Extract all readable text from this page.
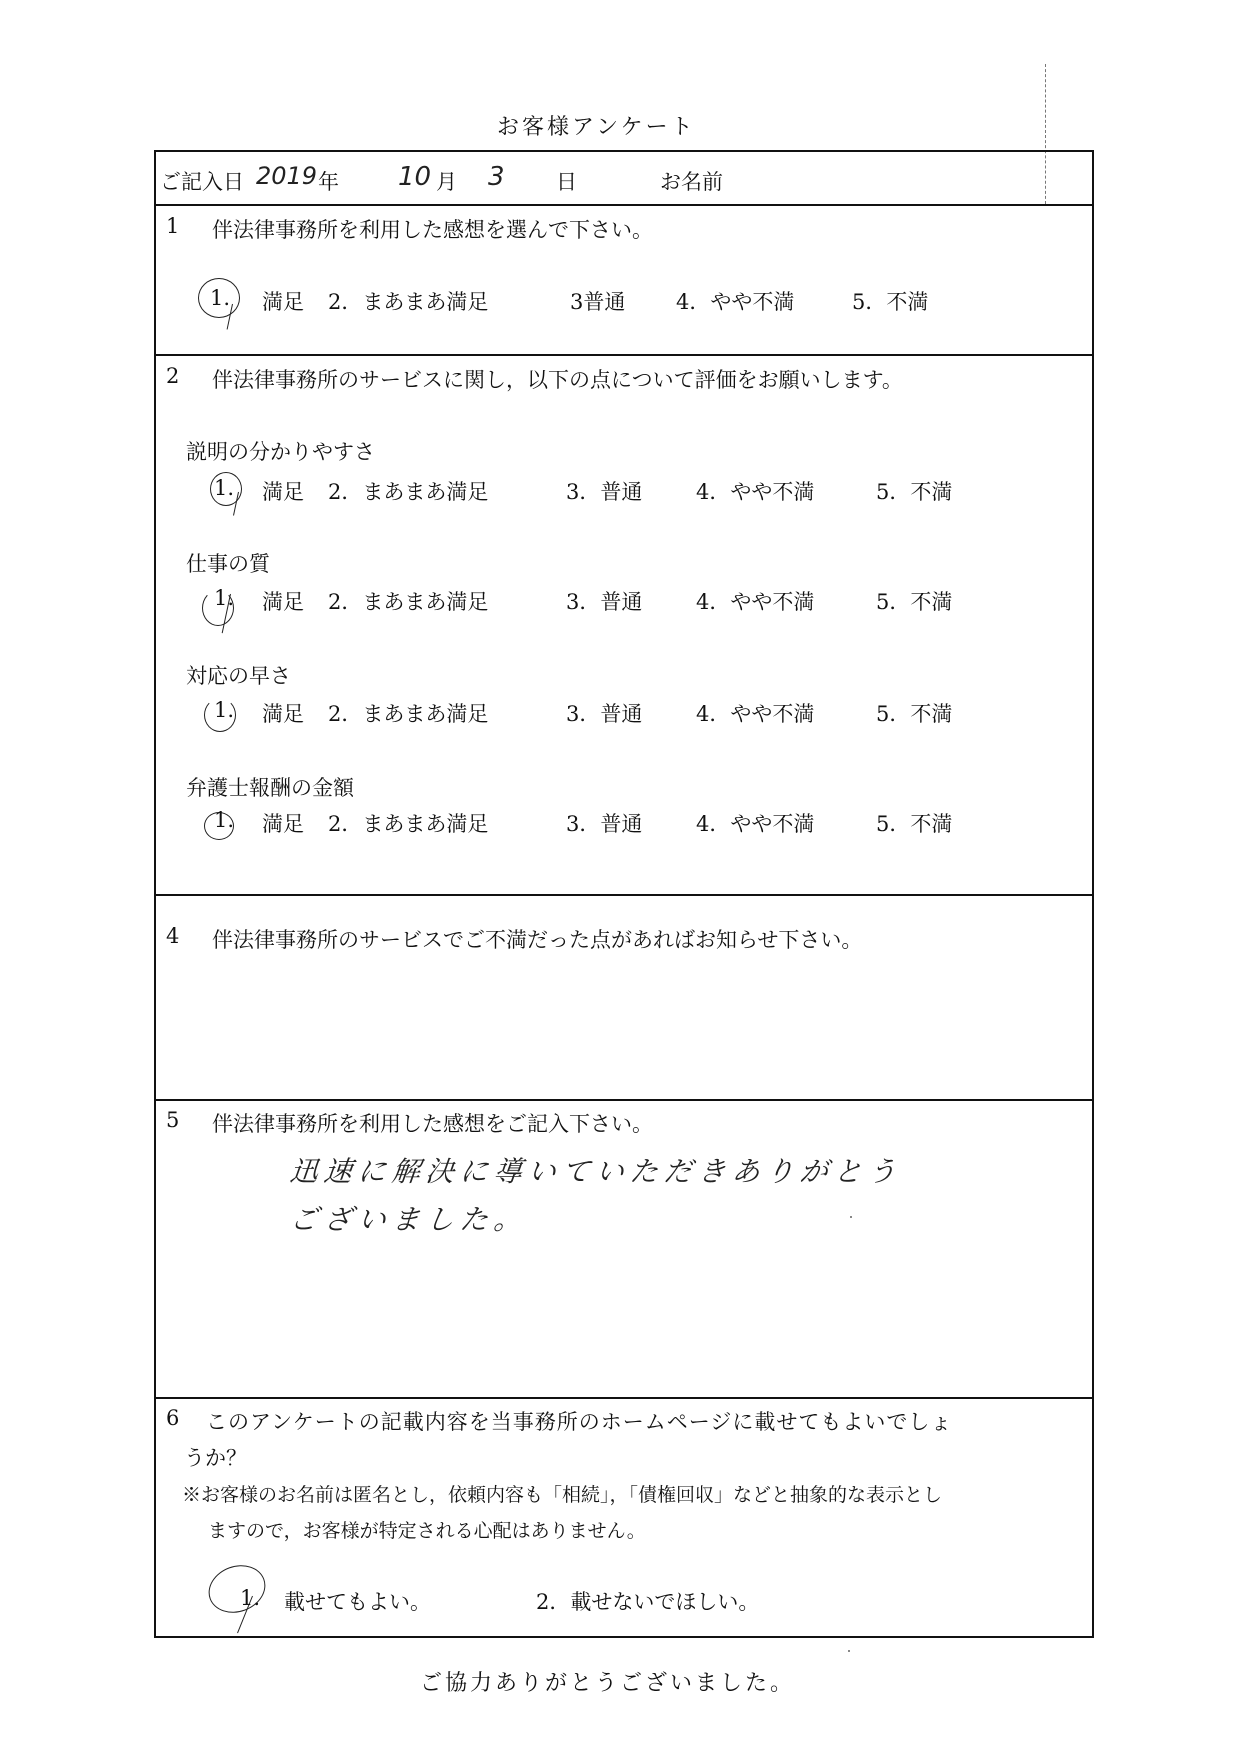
お客様アンケート
ご記入日 2019 年 10 月 3 日	お名前
1 伴法律事務所を利用した感想を選んで下さい。
1. 満足 2．まあまあ満足	3普通 4．やや不満	5．不満
2 伴法律事務所のサービスに関し，以下の点について評価をお願いします。
説明の分かりやすさ
1. 満足 2．まあまあ満足	3．普通	4．やや不満	5．不満
仕事の質
1. 満足 2．まあまあ満足	3．普通	4．やや不満	5．不満
対応の早さ
1. 満足 2．まあまあ満足	3．普通	4．やや不満	5．不満
弁護士報酬の金額
1. 満足 2．まあまあ満足	3．普通	4．やや不満	5．不満
4 伴法律事務所のサービスでご不満だった点があればお知らせ下さい。
5 伴法律事務所を利用した感想をご記入下さい。
迅速に解決に導いていただきありがとう
ございました。
6 このアンケートの記載内容を当事務所のホームページに載せてもよいでしょ
うか？
※お客様のお名前は匿名とし，依頼内容も「相続」，「債権回収」などと抽象的な表示とし
ますので，お客様が特定される心配はありません。
1. 載せてもよい。	2．載せないでほしい。
ご協力ありがとうございました。
